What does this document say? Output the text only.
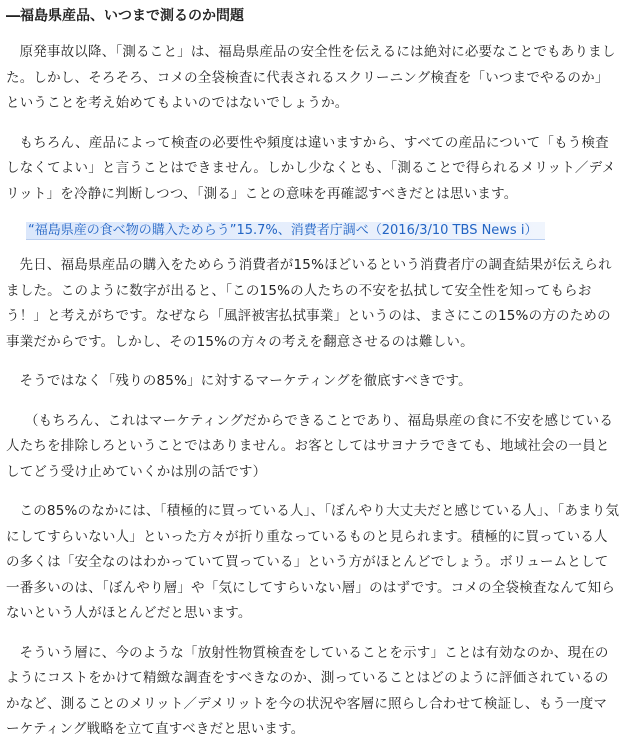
―福島県産品、いつまで測るのか問題

原発事故以降、「測ること」は、福島県産品の安全性を伝えるには絶対に必要なことでもありました。しかし、そろそろ、コメの全袋検査に代表されるスクリーニング検査を「いつまでやるのか」ということを考え始めてもよいのではないでしょうか。

もちろん、産品によって検査の必要性や頻度は違いますから、すべての産品について「もう検査しなくてよい」と言うことはできません。しかし少なくとも、「測ることで得られるメリット／デメリット」を冷静に判断しつつ、「測る」ことの意味を再確認すべきだとは思います。

“福島県産の食べ物の購入ためらう”15.7%、消費者庁調べ（2016/3/10 TBS News i）

先日、福島県産品の購入をためらう消費者が15%ほどいるという消費者庁の調査結果が伝えられました。このように数字が出ると、「この15%の人たちの不安を払拭して安全性を知ってもらおう！」と考えがちです。なぜなら「風評被害払拭事業」というのは、まさにこの15%の方のための事業だからです。しかし、その15%の方々の考えを翻意させるのは難しい。

そうではなく「残りの85%」に対するマーケティングを徹底すべきです。

（もちろん、これはマーケティングだからできることであり、福島県産の食に不安を感じている人たちを排除しろということではありません。お客としてはサヨナラできても、地域社会の一員としてどう受け止めていくかは別の話です）

この85%のなかには、「積極的に買っている人」、「ぼんやり大丈夫だと感じている人」、「あまり気にしてすらいない人」といった方々が折り重なっているものと見られます。積極的に買っている人の多くは「安全なのはわかっていて買っている」という方がほとんどでしょう。ボリュームとして一番多いのは、「ぼんやり層」や「気にしてすらいない層」のはずです。コメの全袋検査なんて知らないという人がほとんどだと思います。

そういう層に、今のような「放射性物質検査をしていることを示す」ことは有効なのか、現在のようにコストをかけて精緻な調査をすべきなのか、測っていることはどのように評価されているのかなど、測ることのメリット／デメリットを今の状況や客層に照らし合わせて検証し、もう一度マーケティング戦略を立て直すべきだと思います。
